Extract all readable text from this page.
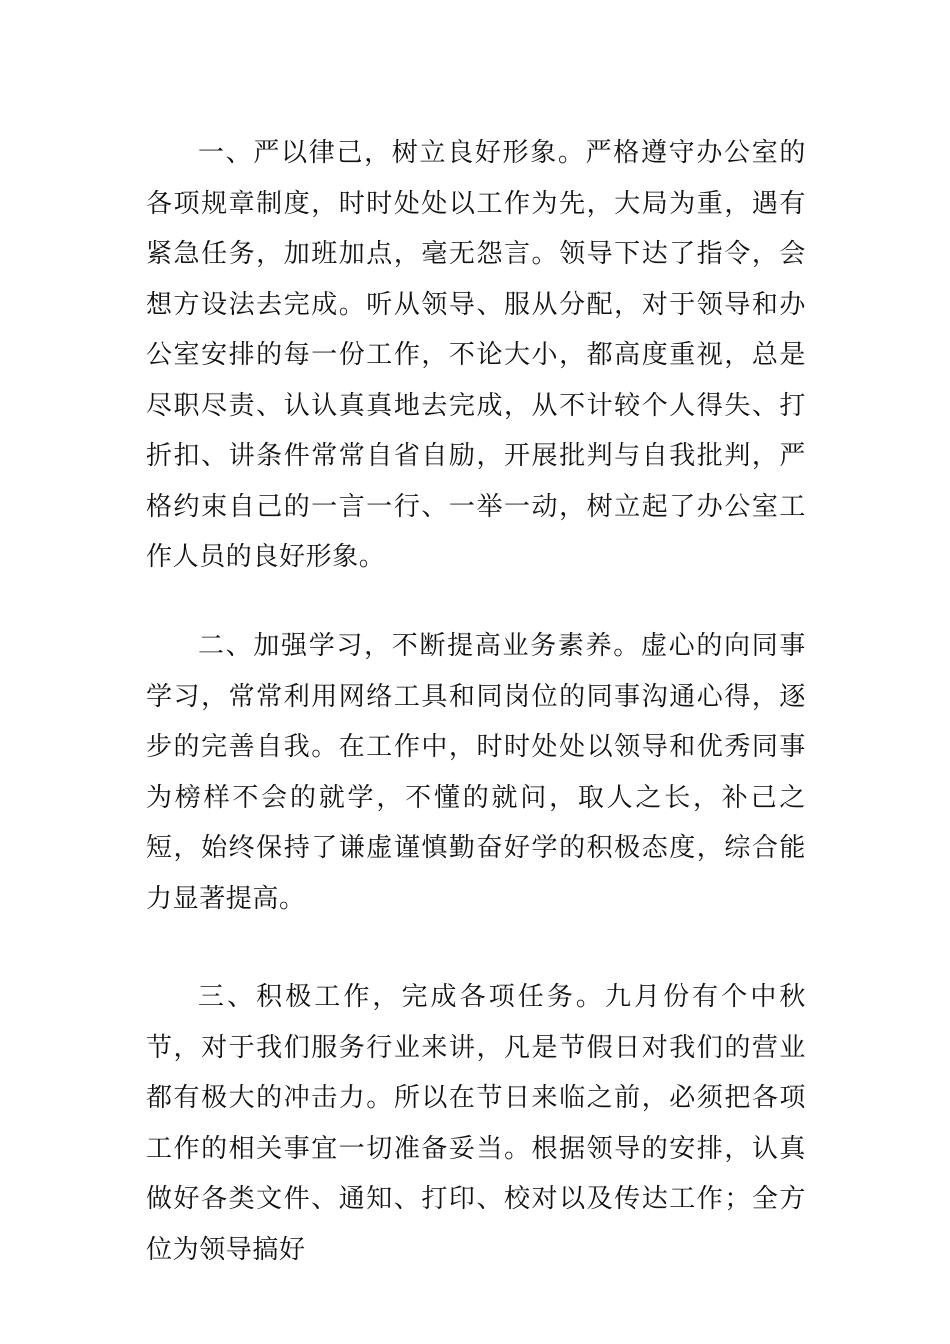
一、严以律己，树立良好形象。严格遵守办公室的各项规章制度，时时处处以工作为先，大局为重，遇有紧急任务，加班加点，毫无怨言。领导下达了指令，会想方设法去完成。听从领导、服从分配，对于领导和办公室安排的每一份工作，不论大小，都高度重视，总是尽职尽责、认认真真地去完成，从不计较个人得失、打折扣、讲条件常常自省自励，开展批判与自我批判，严格约束自己的一言一行、一举一动，树立起了办公室工作人员的良好形象。

二、加强学习，不断提高业务素养。虚心的向同事学习，常常利用网络工具和同岗位的同事沟通心得，逐步的完善自我。在工作中，时时处处以领导和优秀同事为榜样不会的就学，不懂的就问，取人之长，补己之短，始终保持了谦虚谨慎勤奋好学的积极态度，综合能力显著提高。

三、积极工作，完成各项任务。九月份有个中秋节，对于我们服务行业来讲，凡是节假日对我们的营业都有极大的冲击力。所以在节日来临之前，必须把各项工作的相关事宜一切准备妥当。根据领导的安排，认真做好各类文件、通知、打印、校对以及传达工作；全方位为领导搞好
